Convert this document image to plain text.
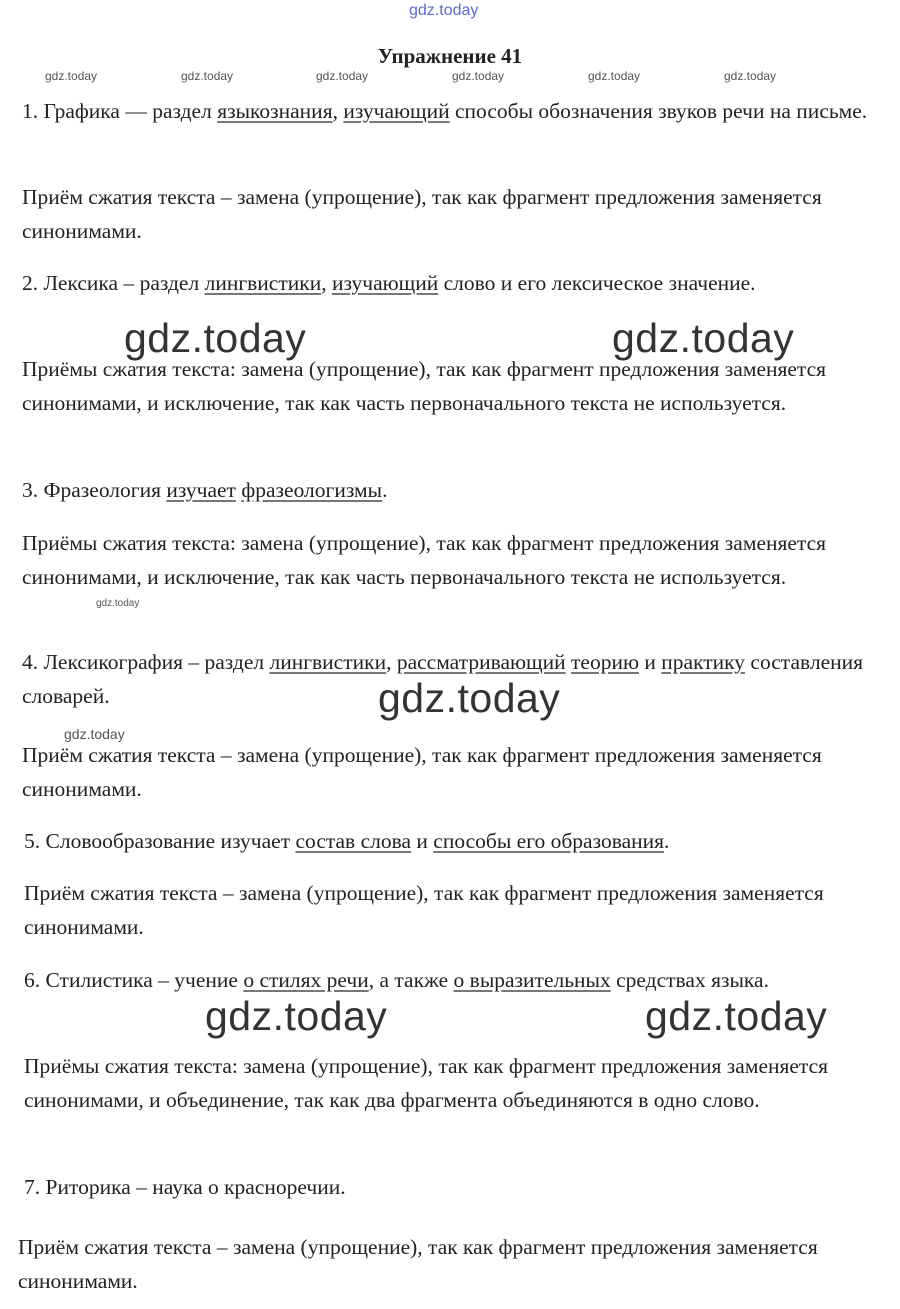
gdz.today
Упражнение 41
gdz.today	gdz.today	gdz.today	gdz.today	gdz.today	gdz.today
gdz.today
gdz.today
1. Графика — раздел языкознания, изучающий способы обозначения звуков речи на письме.
Приём сжатия текста – замена (упрощение), так как фрагмент предложения заменяется синонимами.
2. Лексика – раздел лингвистики, изучающий слово и его лексическое значение.
Приёмы сжатия текста: замена (упрощение), так как фрагмент предложения заменяется синонимами, и исключение, так как часть первоначального текста не используется.
3. Фразеология изучает фразеологизмы.
Приёмы сжатия текста: замена (упрощение), так как фрагмент предложения заменяется синонимами, и исключение, так как часть первоначального текста не используется.
4. Лексикография – раздел лингвистики, рассматривающий теорию и практику составления словарей.
Приём сжатия текста – замена (упрощение), так как фрагмент предложения заменяется синонимами.
5. Словообразование изучает состав слова и способы его образования.
Приём сжатия текста – замена (упрощение), так как фрагмент предложения заменяется синонимами.
6. Стилистика – учение о стилях речи, а также о выразительных средствах языка.
Приёмы сжатия текста: замена (упрощение), так как фрагмент предложения заменяется синонимами, и объединение, так как два фрагмента объединяются в одно слово.
7. Риторика – наука о красноречии.
Приём сжатия текста – замена (упрощение), так как фрагмент предложения заменяется синонимами.
gdz.today	gdz.today
gdz.today
gdz.today	gdz.today
